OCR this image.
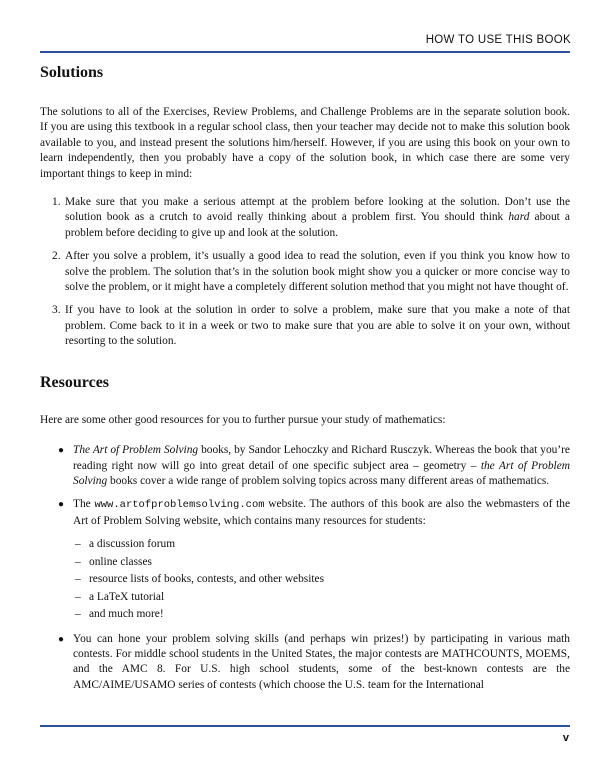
HOW TO USE THIS BOOK
Solutions

The solutions to all of the Exercises, Review Problems, and Challenge Problems are in the separate solution book. If you are using this textbook in a regular school class, then your teacher may decide not to make this solution book available to you, and instead present the solutions him/herself. However, if you are using this book on your own to learn independently, then you probably have a copy of the solution book, in which case there are some very important things to keep in mind:

1. Make sure that you make a serious attempt at the problem before looking at the solution. Don’t use the solution book as a crutch to avoid really thinking about a problem first. You should think hard about a problem before deciding to give up and look at the solution.
2. After you solve a problem, it’s usually a good idea to read the solution, even if you think you know how to solve the problem. The solution that’s in the solution book might show you a quicker or more concise way to solve the problem, or it might have a completely different solution method that you might not have thought of.
3. If you have to look at the solution in order to solve a problem, make sure that you make a note of that problem. Come back to it in a week or two to make sure that you are able to solve it on your own, without resorting to the solution.
Resources

Here are some other good resources for you to further pursue your study of mathematics:

● The Art of Problem Solving books, by Sandor Lehoczky and Richard Rusczyk. Whereas the book that you’re reading right now will go into great detail of one specific subject area – geometry – the Art of Problem Solving books cover a wide range of problem solving topics across many different areas of mathematics.
● The www.artofproblemsolving.com website. The authors of this book are also the webmasters of the Art of Problem Solving website, which contains many resources for students:
– a discussion forum
– online classes
– resource lists of books, contests, and other websites
– a LaTeX tutorial
– and much more!
● You can hone your problem solving skills (and perhaps win prizes!) by participating in various math contests. For middle school students in the United States, the major contests are MATHCOUNTS, MOEMS, and the AMC 8. For U.S. high school students, some of the best-known contests are the AMC/AIME/USAMO series of contests (which choose the U.S. team for the International
v
